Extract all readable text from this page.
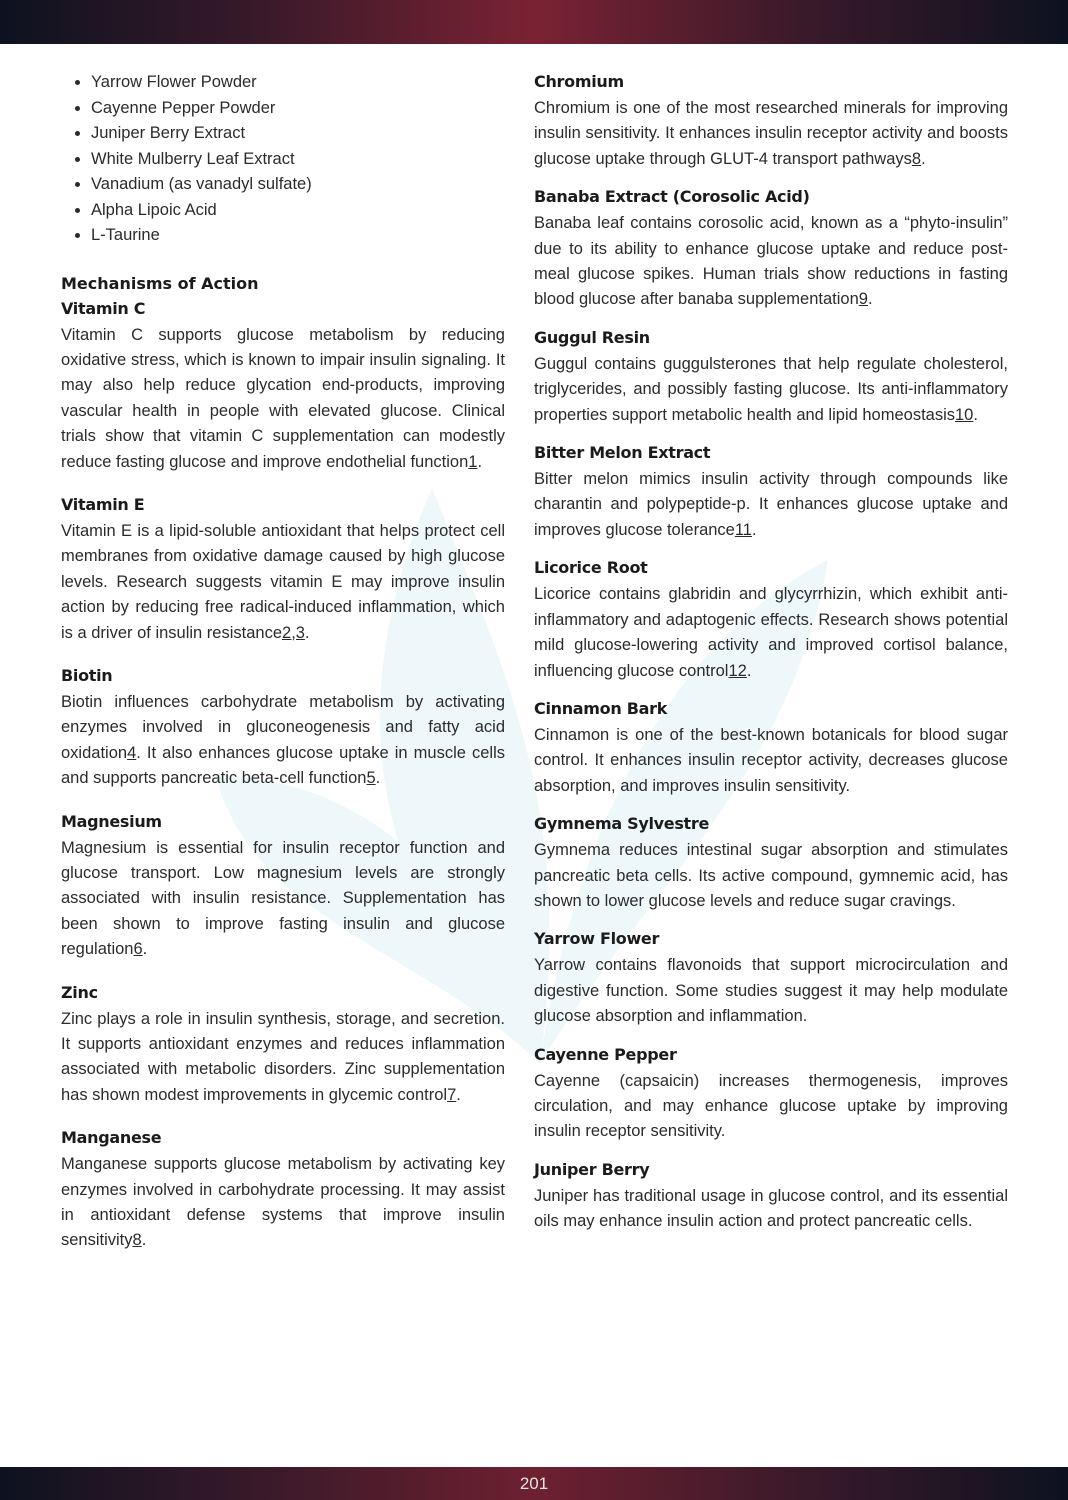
• Yarrow Flower Powder
• Cayenne Pepper Powder
• Juniper Berry Extract
• White Mulberry Leaf Extract
• Vanadium (as vanadyl sulfate)
• Alpha Lipoic Acid
• L-Taurine
Mechanisms of Action
Vitamin C

Vitamin C supports glucose metabolism by reducing oxidative stress, which is known to impair insulin signaling. It may also help reduce glycation end-products, improving vascular health in people with elevated glucose. Clinical trials show that vitamin C supplementation can modestly reduce fasting glucose and improve endothelial function1.

Vitamin E

Vitamin E is a lipid-soluble antioxidant that helps protect cell membranes from oxidative damage caused by high glucose levels. Research suggests vitamin E may improve insulin action by reducing free radical-induced inflammation, which is a driver of insulin resistance2,3.

Biotin

Biotin influences carbohydrate metabolism by activating enzymes involved in gluconeogenesis and fatty acid oxidation4. It also enhances glucose uptake in muscle cells and supports pancreatic beta-cell function5.

Magnesium

Magnesium is essential for insulin receptor function and glucose transport. Low magnesium levels are strongly associated with insulin resistance. Supplementation has been shown to improve fasting insulin and glucose regulation6.

Zinc

Zinc plays a role in insulin synthesis, storage, and secretion. It supports antioxidant enzymes and reduces inflammation associated with metabolic disorders. Zinc supplementation has shown modest improvements in glycemic control7.

Manganese

Manganese supports glucose metabolism by activating key enzymes involved in carbohydrate processing. It may assist in antioxidant defense systems that improve insulin sensitivity8.

Chromium

Chromium is one of the most researched minerals for improving insulin sensitivity. It enhances insulin receptor activity and boosts glucose uptake through GLUT-4 transport pathways8.

Banaba Extract (Corosolic Acid)

Banaba leaf contains corosolic acid, known as a “phyto-insulin” due to its ability to enhance glucose uptake and reduce post-meal glucose spikes. Human trials show reductions in fasting blood glucose after banaba supplementation9.

Guggul Resin

Guggul contains guggulsterones that help regulate cholesterol, triglycerides, and possibly fasting glucose. Its anti-inflammatory properties support metabolic health and lipid homeostasis10.

Bitter Melon Extract

Bitter melon mimics insulin activity through compounds like charantin and polypeptide-p. It enhances glucose uptake and improves glucose tolerance11.

Licorice Root

Licorice contains glabridin and glycyrrhizin, which exhibit anti-inflammatory and adaptogenic effects. Research shows potential mild glucose-lowering activity and improved cortisol balance, influencing glucose control12.

Cinnamon Bark

Cinnamon is one of the best-known botanicals for blood sugar control. It enhances insulin receptor activity, decreases glucose absorption, and improves insulin sensitivity.

Gymnema Sylvestre

Gymnema reduces intestinal sugar absorption and stimulates pancreatic beta cells. Its active compound, gymnemic acid, has shown to lower glucose levels and reduce sugar cravings.

Yarrow Flower

Yarrow contains flavonoids that support microcirculation and digestive function. Some studies suggest it may help modulate glucose absorption and inflammation.

Cayenne Pepper

Cayenne (capsaicin) increases thermogenesis, improves circulation, and may enhance glucose uptake by improving insulin receptor sensitivity.

Juniper Berry

Juniper has traditional usage in glucose control, and its essential oils may enhance insulin action and protect pancreatic cells.

201
